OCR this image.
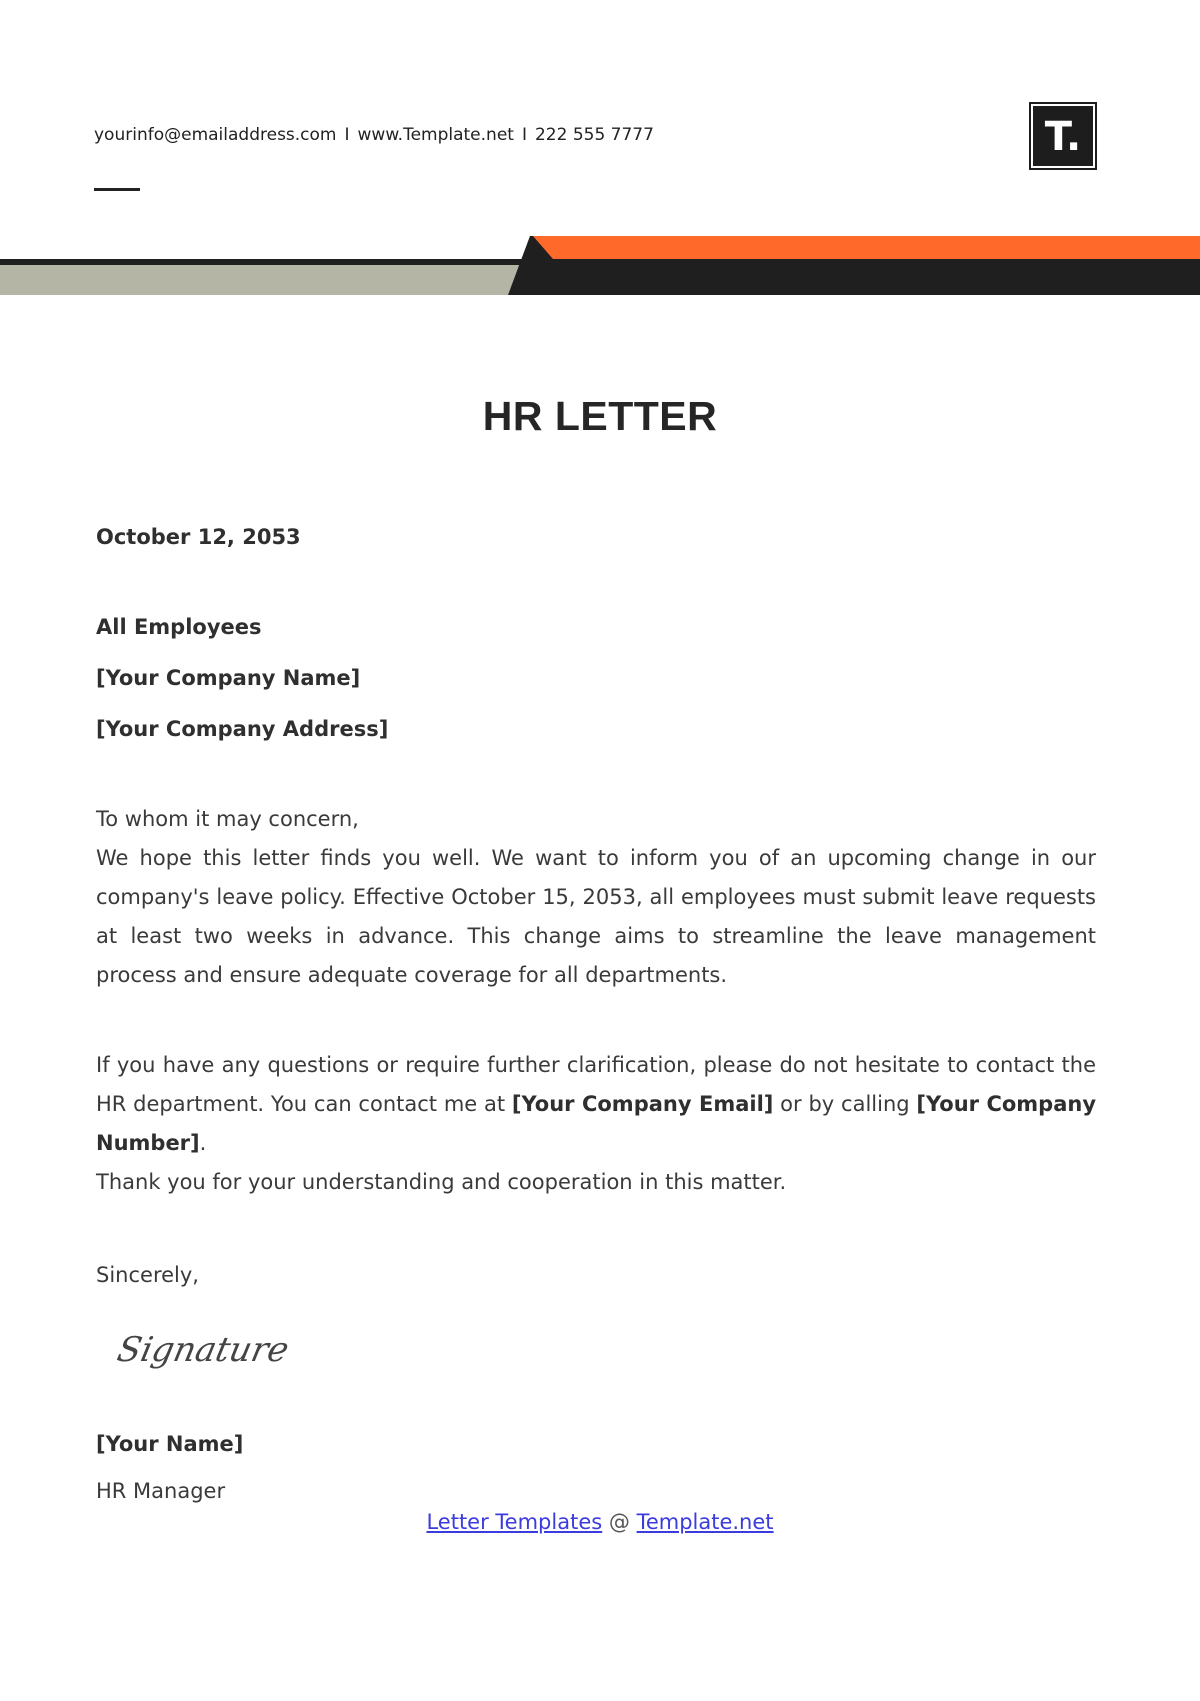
yourinfo@emailaddress.com I www.Template.net I 222 555 7777	T.
HR LETTER
October 12, 2053
All Employees
[Your Company Name]
[Your Company Address]

To whom it may concern,

We hope this letter finds you well. We want to inform you of an upcoming change in our company's leave policy. Effective October 15, 2053, all employees must submit leave requests at least two weeks in advance. This change aims to streamline the leave management process and ensure adequate coverage for all departments.

If you have any questions or require further clarification, please do not hesitate to contact the HR department. You can contact me at [Your Company Email] or by calling [Your Company Number].

Thank you for your understanding and cooperation in this matter.

Sincerely,
Signature
[Your Name]
HR Manager
Letter Templates @ Template.net
